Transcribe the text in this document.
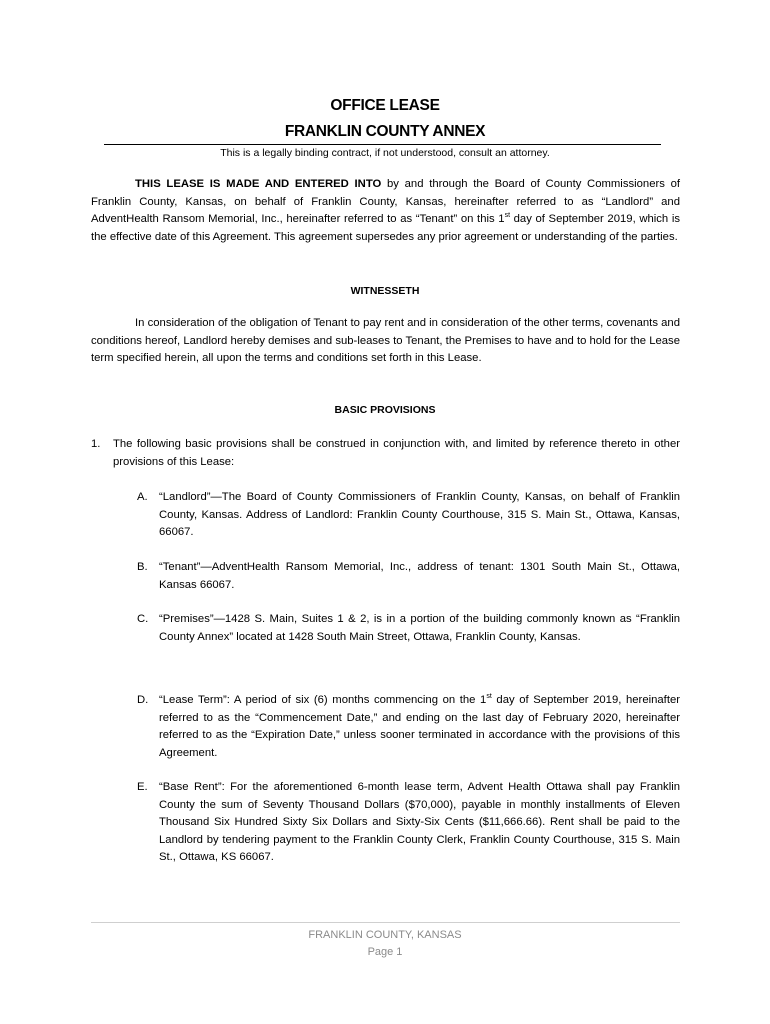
OFFICE LEASE
FRANKLIN COUNTY ANNEX
This is a legally binding contract, if not understood, consult an attorney.
THIS LEASE IS MADE AND ENTERED INTO by and through the Board of County Commissioners of Franklin County, Kansas, on behalf of Franklin County, Kansas, hereinafter referred to as “Landlord” and AdventHealth Ransom Memorial, Inc., hereinafter referred to as “Tenant” on this 1st day of September 2019, which is the effective date of this Agreement. This agreement supersedes any prior agreement or understanding of the parties.
WITNESSETH
In consideration of the obligation of Tenant to pay rent and in consideration of the other terms, covenants and conditions hereof, Landlord hereby demises and sub-leases to Tenant, the Premises to have and to hold for the Lease term specified herein, all upon the terms and conditions set forth in this Lease.
BASIC PROVISIONS
1. The following basic provisions shall be construed in conjunction with, and limited by reference thereto in other provisions of this Lease:
A. “Landlord”—The Board of County Commissioners of Franklin County, Kansas, on behalf of Franklin County, Kansas. Address of Landlord: Franklin County Courthouse, 315 S. Main St., Ottawa, Kansas, 66067.
B. “Tenant”—AdventHealth Ransom Memorial, Inc., address of tenant: 1301 South Main St., Ottawa, Kansas 66067.
C. “Premises”—1428 S. Main, Suites 1 & 2, is in a portion of the building commonly known as “Franklin County Annex” located at 1428 South Main Street, Ottawa, Franklin County, Kansas.
D. “Lease Term”: A period of six (6) months commencing on the 1st day of September 2019, hereinafter referred to as the “Commencement Date,” and ending on the last day of February 2020, hereinafter referred to as the “Expiration Date,” unless sooner terminated in accordance with the provisions of this Agreement.
E. “Base Rent”: For the aforementioned 6-month lease term, Advent Health Ottawa shall pay Franklin County the sum of Seventy Thousand Dollars ($70,000), payable in monthly installments of Eleven Thousand Six Hundred Sixty Six Dollars and Sixty-Six Cents ($11,666.66). Rent shall be paid to the Landlord by tendering payment to the Franklin County Clerk, Franklin County Courthouse, 315 S. Main St., Ottawa, KS 66067.
FRANKLIN COUNTY, KANSAS
Page 1
